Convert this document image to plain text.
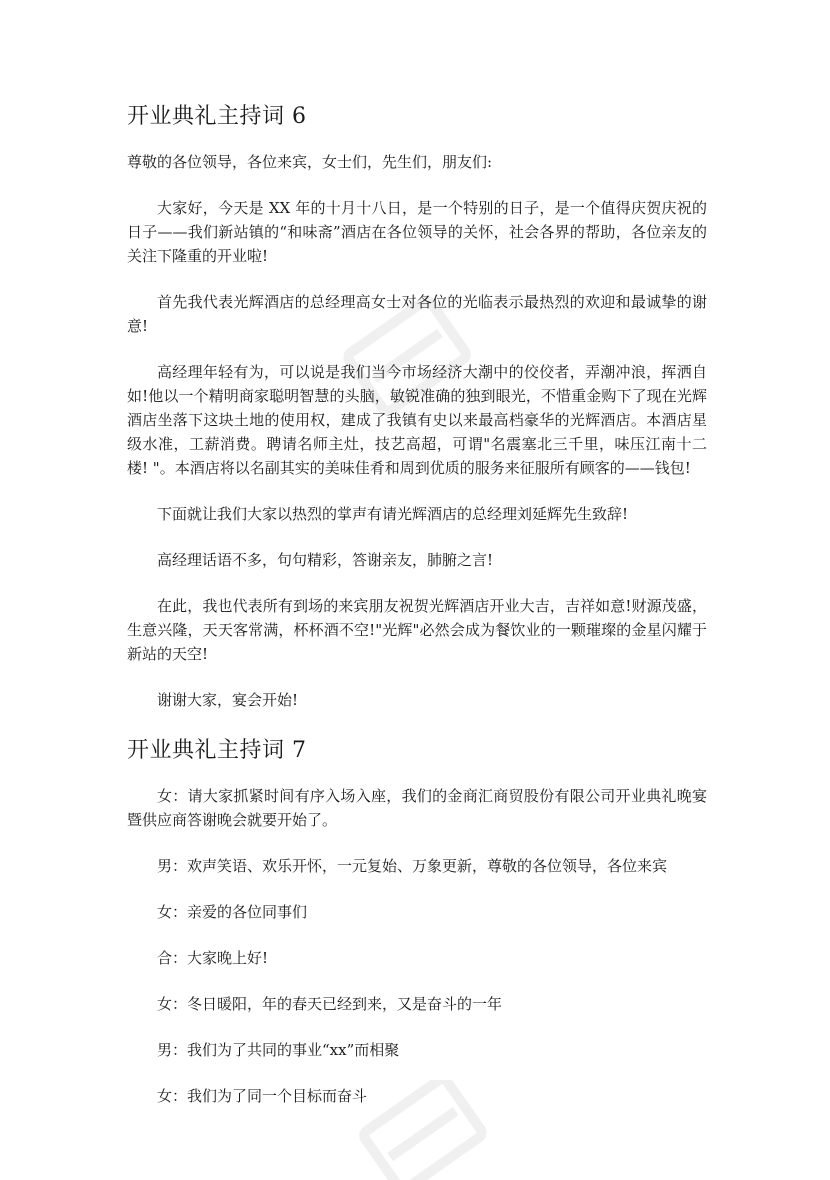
开业典礼主持词 6

尊敬的各位领导，各位来宾，女士们，先生们，朋友们:

大家好，今天是 XX 年的十月十八日，是一个特别的日子，是一个值得庆贺庆祝的日子——我们新站镇的“和味斋”酒店在各位领导的关怀，社会各界的帮助，各位亲友的关注下隆重的开业啦!

首先我代表光辉酒店的总经理高女士对各位的光临表示最热烈的欢迎和最诚挚的谢意!

高经理年轻有为，可以说是我们当今市场经济大潮中的佼佼者，弄潮冲浪，挥洒自如!他以一个精明商家聪明智慧的头脑，敏锐准确的独到眼光，不惜重金购下了现在光辉酒店坐落下这块土地的使用权，建成了我镇有史以来最高档豪华的光辉酒店。本酒店星级水准，工薪消费。聘请名师主灶，技艺高超，可谓"名震塞北三千里，味压江南十二楼! "。本酒店将以名副其实的美味佳肴和周到优质的服务来征服所有顾客的——钱包!

下面就让我们大家以热烈的掌声有请光辉酒店的总经理刘延辉先生致辞!

高经理话语不多，句句精彩，答谢亲友，肺腑之言!

在此，我也代表所有到场的来宾朋友祝贺光辉酒店开业大吉，吉祥如意!财源茂盛，生意兴隆，天天客常满，杯杯酒不空!"光辉"必然会成为餐饮业的一颗璀璨的金星闪耀于新站的天空!

谢谢大家，宴会开始!

开业典礼主持词 7

女：请大家抓紧时间有序入场入座，我们的金商汇商贸股份有限公司开业典礼晚宴暨供应商答谢晚会就要开始了。

男：欢声笑语、欢乐开怀，一元复始、万象更新，尊敬的各位领导，各位来宾

女：亲爱的各位同事们

合：大家晚上好!

女：冬日暖阳，年的春天已经到来，又是奋斗的一年

男：我们为了共同的事业“xx”而相聚

女：我们为了同一个目标而奋斗
